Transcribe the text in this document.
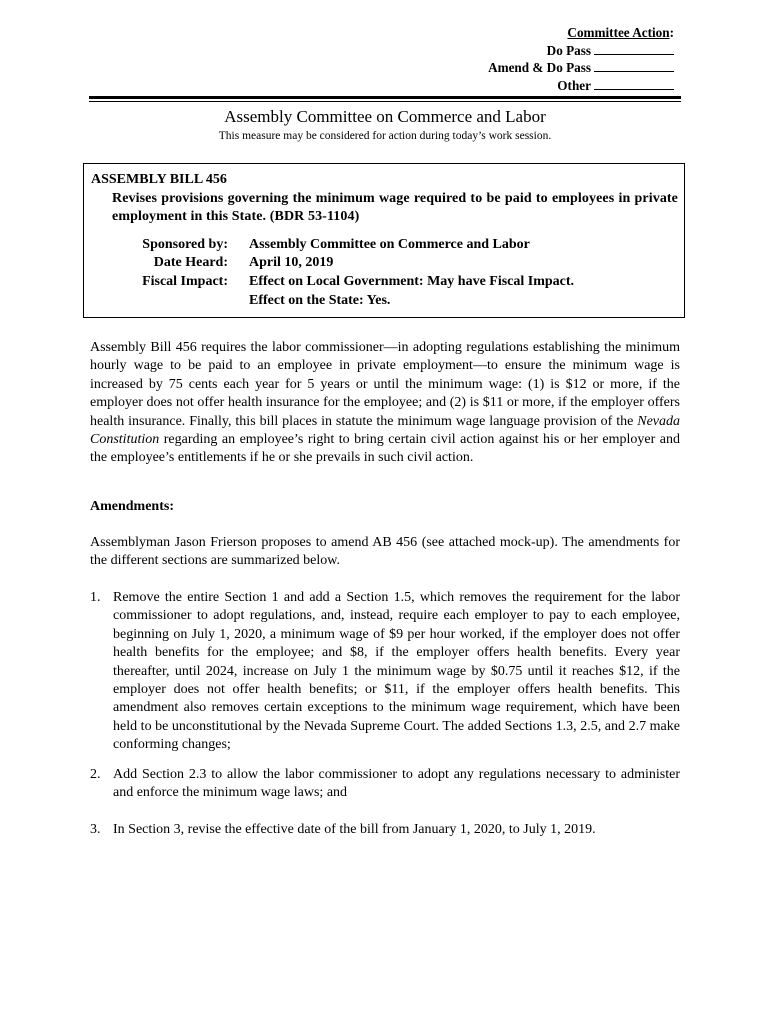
Committee Action:
Do Pass
Amend & Do Pass
Other
Assembly Committee on Commerce and Labor
This measure may be considered for action during today’s work session.
ASSEMBLY BILL 456
Revises provisions governing the minimum wage required to be paid to employees in private employment in this State. (BDR 53-1104)
Sponsored by: Assembly Committee on Commerce and Labor
Date Heard: April 10, 2019
Fiscal Impact: Effect on Local Government: May have Fiscal Impact.
Effect on the State: Yes.
Assembly Bill 456 requires the labor commissioner—in adopting regulations establishing the minimum hourly wage to be paid to an employee in private employment—to ensure the minimum wage is increased by 75 cents each year for 5 years or until the minimum wage: (1) is $12 or more, if the employer does not offer health insurance for the employee; and (2) is $11 or more, if the employer offers health insurance. Finally, this bill places in statute the minimum wage language provision of the Nevada Constitution regarding an employee’s right to bring certain civil action against his or her employer and the employee’s entitlements if he or she prevails in such civil action.
Amendments:
Assemblyman Jason Frierson proposes to amend AB 456 (see attached mock-up). The amendments for the different sections are summarized below.
1. Remove the entire Section 1 and add a Section 1.5, which removes the requirement for the labor commissioner to adopt regulations, and, instead, require each employer to pay to each employee, beginning on July 1, 2020, a minimum wage of $9 per hour worked, if the employer does not offer health benefits for the employee; and $8, if the employer offers health benefits. Every year thereafter, until 2024, increase on July 1 the minimum wage by $0.75 until it reaches $12, if the employer does not offer health benefits; or $11, if the employer offers health benefits. This amendment also removes certain exceptions to the minimum wage requirement, which have been held to be unconstitutional by the Nevada Supreme Court. The added Sections 1.3, 2.5, and 2.7 make conforming changes;
2. Add Section 2.3 to allow the labor commissioner to adopt any regulations necessary to administer and enforce the minimum wage laws; and
3. In Section 3, revise the effective date of the bill from January 1, 2020, to July 1, 2019.
